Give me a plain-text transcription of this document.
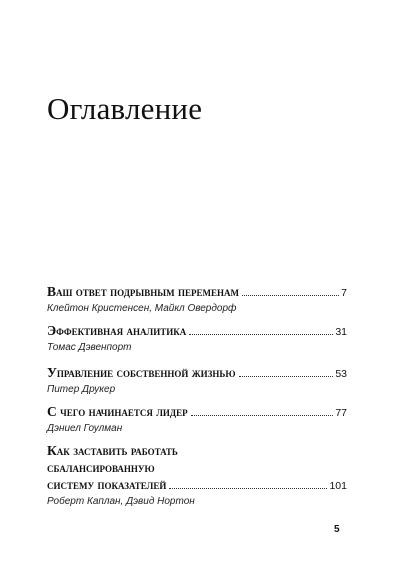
Оглавление
Ваш ответ подрывным переменам	7
Клейтон Кристенсен, Майкл Овердорф
Эффективная аналитика	31
Томас Дэвенпорт
Управление собственной жизнью	53
Питер Друкер
С чего начинается лидер	77
Дэниел Гоулман
Как заставить работать
сбалансированную
систему показателей	101
Роберт Каплан, Дэвид Нортон
5
